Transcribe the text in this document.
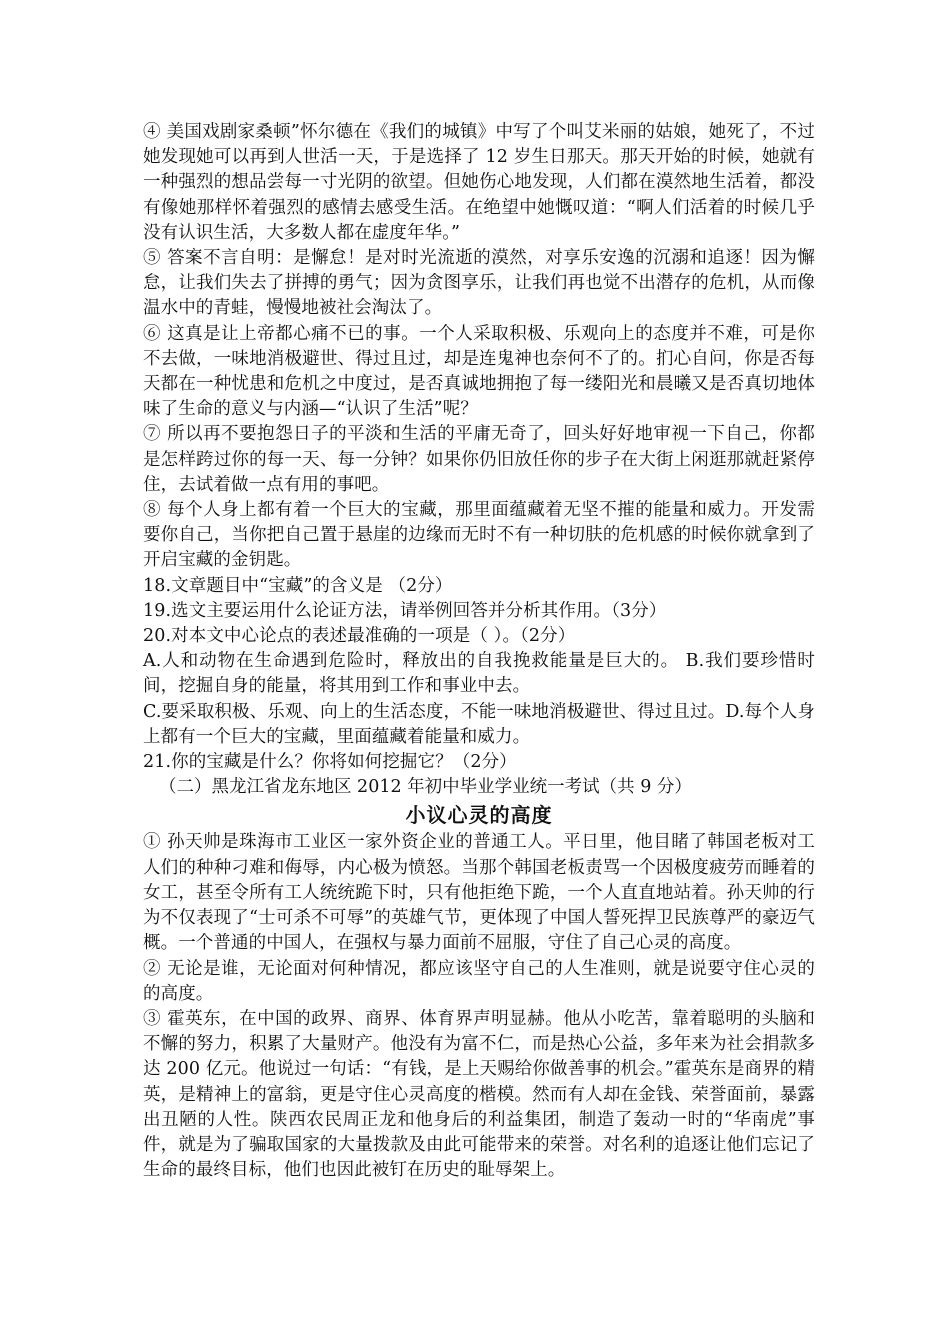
④ 美国戏剧家桑顿”怀尔德在《我们的城镇》中写了个叫艾米丽的姑娘，她死了，不过她发现她可以再到人世活一天，于是选择了 12 岁生日那天。那天开始的时候，她就有一种强烈的想品尝每一寸光阴的欲望。但她伤心地发现，人们都在漠然地生活着，都没有像她那样怀着强烈的感情去感受生活。在绝望中她慨叹道：“啊人们活着的时候几乎没有认识生活，大多数人都在虚度年华。”

⑤ 答案不言自明：是懈怠！是对时光流逝的漠然，对享乐安逸的沉溺和追逐！因为懈怠，让我们失去了拼搏的勇气；因为贪图享乐，让我们再也觉不出潜存的危机，从而像温水中的青蛙，慢慢地被社会淘汰了。

⑥ 这真是让上帝都心痛不已的事。一个人采取积极、乐观向上的态度并不难，可是你不去做，一味地消极避世、得过且过，却是连鬼神也奈何不了的。扪心自问，你是否每天都在一种忧患和危机之中度过，是否真诚地拥抱了每一缕阳光和晨曦又是否真切地体味了生命的意义与内涵—“认识了生活”呢？

⑦ 所以再不要抱怨日子的平淡和生活的平庸无奇了，回头好好地审视一下自己，你都是怎样跨过你的每一天、每一分钟？如果你仍旧放任你的步子在大街上闲逛那就赶紧停住，去试着做一点有用的事吧。

⑧ 每个人身上都有着一个巨大的宝藏，那里面蕴藏着无坚不摧的能量和威力。开发需要你自己，当你把自己置于悬崖的边缘而无时不有一种切肤的危机感的时候你就拿到了开启宝藏的金钥匙。

18.文章题目中“宝藏”的含义是 （2分）

19.选文主要运用什么论证方法，请举例回答并分析其作用。（3分）

20.对本文中心论点的表述最准确的一项是（ ）。（2分）

A.人和动物在生命遇到危险时，释放出的自我挽救能量是巨大的。 B.我们要珍惜时间，挖掘自身的能量，将其用到工作和事业中去。

C.要采取积极、乐观、向上的生活态度，不能一味地消极避世、得过且过。D.每个人身上都有一个巨大的宝藏，里面蕴藏着能量和威力。

21.你的宝藏是什么？你将如何挖掘它？（2分）

（二）黑龙江省龙东地区 2012 年初中毕业学业统一考试（共 9 分）

小议心灵的高度

① 孙天帅是珠海市工业区一家外资企业的普通工人。平日里，他目睹了韩国老板对工人们的种种刁难和侮辱，内心极为愤怒。当那个韩国老板责骂一个因极度疲劳而睡着的女工，甚至令所有工人统统跪下时，只有他拒绝下跪，一个人直直地站着。孙天帅的行为不仅表现了“士可杀不可辱”的英雄气节，更体现了中国人誓死捍卫民族尊严的豪迈气概。一个普通的中国人，在强权与暴力面前不屈服，守住了自己心灵的高度。

② 无论是谁，无论面对何种情况，都应该坚守自己的人生准则，就是说要守住心灵的的高度。

③ 霍英东，在中国的政界、商界、体育界声明显赫。他从小吃苦，靠着聪明的头脑和不懈的努力，积累了大量财产。他没有为富不仁，而是热心公益，多年来为社会捐款多达 200 亿元。他说过一句话：“有钱，是上天赐给你做善事的机会。”霍英东是商界的精英，是精神上的富翁，更是守住心灵高度的楷模。然而有人却在金钱、荣誉面前，暴露出丑陋的人性。陕西农民周正龙和他身后的利益集团，制造了轰动一时的“华南虎”事件，就是为了骗取国家的大量拨款及由此可能带来的荣誉。对名利的追逐让他们忘记了生命的最终目标，他们也因此被钉在历史的耻辱架上。
